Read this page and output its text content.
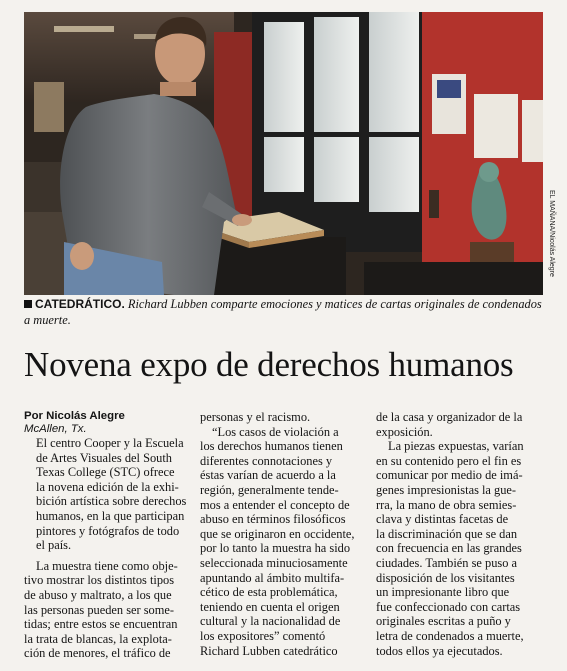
EL MAÑANA/Nicolás Alegre
CATEDRÁTICO. Richard Lubben comparte emociones y matices de cartas originales de condenados a muerte.
Novena expo de derechos humanos
Por Nicolás Alegre
McAllen, Tx.

El centro Cooper y la Escuela
de Artes Visuales del South
Texas College (STC) ofrece
la novena edición de la exhi-
bición artística sobre derechos
humanos, en la que participan
pintores y fotógrafos de todo
el país.

La muestra tiene como obje-
tivo mostrar los distintos tipos
de abuso y maltrato, a los que
las personas pueden ser some-
tidas; entre estos se encuentran
la trata de blancas, la explota-
ción de menores, el tráfico de

personas y el racismo.

“Los casos de violación a
los derechos humanos tienen
diferentes connotaciones y
éstas varían de acuerdo a la
región, generalmente tende-
mos a entender el concepto de
abuso en términos filosóficos
que se originaron en occidente,
por lo tanto la muestra ha sido
seleccionada minuciosamente
apuntando al ámbito multifa-
cético de esta problemática,
teniendo en cuenta el origen
cultural y la nacionalidad de
los expositores” comentó
Richard Lubben catedrático

de la casa y organizador de la
exposición.

La piezas expuestas, varían
en su contenido pero el fin es
comunicar por medio de imá-
genes impresionistas la gue-
rra, la mano de obra semies-
clava y distintas facetas de
la discriminación que se dan
con frecuencia en las grandes
ciudades. También se puso a
disposición de los visitantes
un impresionante libro que
fue confeccionado con cartas
originales escritas a puño y
letra de condenados a muerte,
todos ellos ya ejecutados.
